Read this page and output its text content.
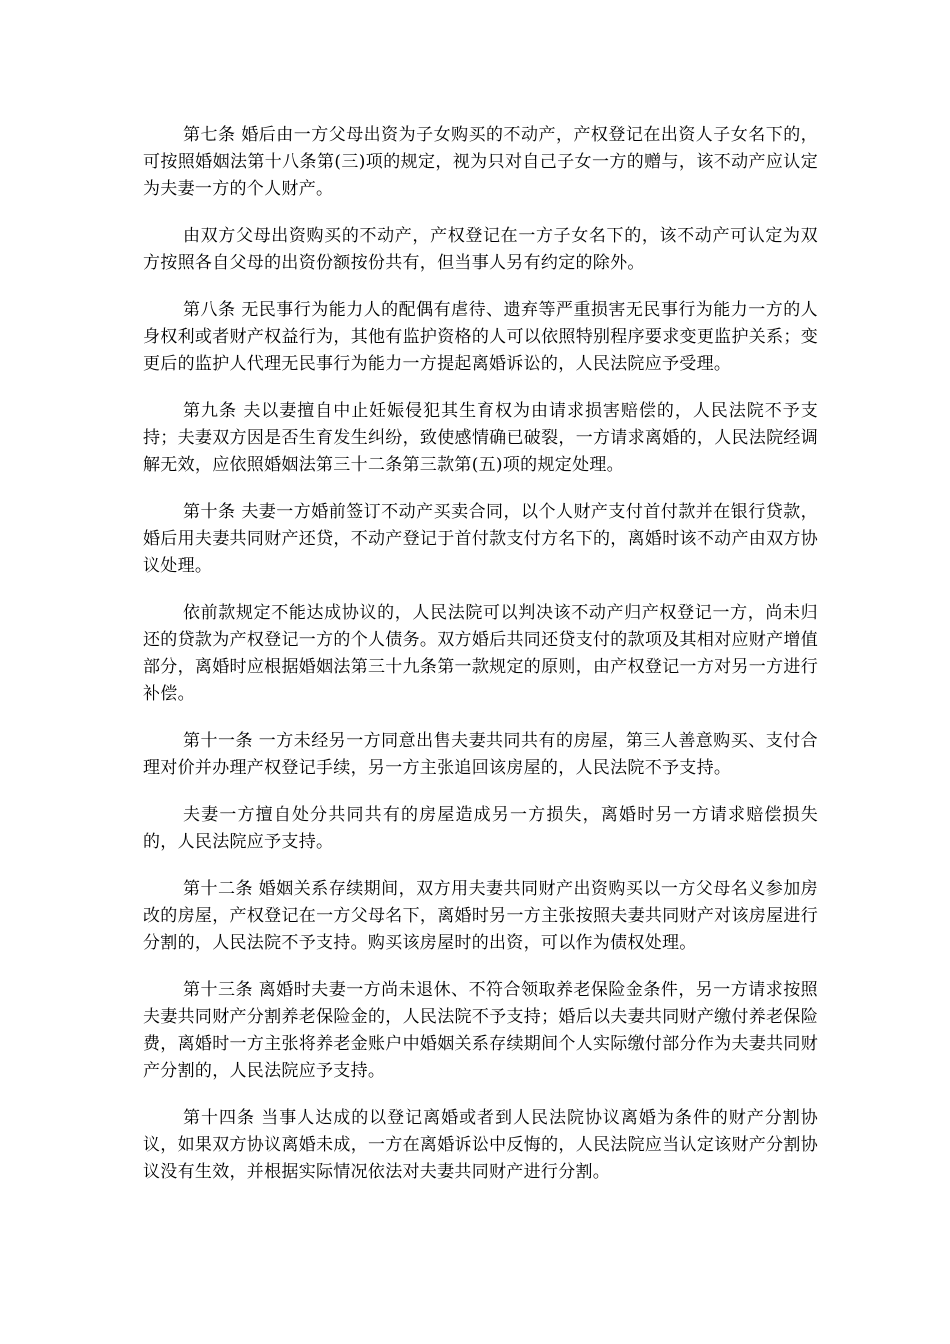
第七条 婚后由一方父母出资为子女购买的不动产，产权登记在出资人子女名下的，可按照婚姻法第十八条第(三)项的规定，视为只对自己子女一方的赠与，该不动产应认定为夫妻一方的个人财产。

由双方父母出资购买的不动产，产权登记在一方子女名下的，该不动产可认定为双方按照各自父母的出资份额按份共有，但当事人另有约定的除外。

第八条 无民事行为能力人的配偶有虐待、遗弃等严重损害无民事行为能力一方的人身权利或者财产权益行为，其他有监护资格的人可以依照特别程序要求变更监护关系；变更后的监护人代理无民事行为能力一方提起离婚诉讼的，人民法院应予受理。

第九条 夫以妻擅自中止妊娠侵犯其生育权为由请求损害赔偿的，人民法院不予支持；夫妻双方因是否生育发生纠纷，致使感情确已破裂，一方请求离婚的，人民法院经调解无效，应依照婚姻法第三十二条第三款第(五)项的规定处理。

第十条 夫妻一方婚前签订不动产买卖合同，以个人财产支付首付款并在银行贷款，婚后用夫妻共同财产还贷，不动产登记于首付款支付方名下的，离婚时该不动产由双方协议处理。

依前款规定不能达成协议的，人民法院可以判决该不动产归产权登记一方，尚未归还的贷款为产权登记一方的个人债务。双方婚后共同还贷支付的款项及其相对应财产增值部分，离婚时应根据婚姻法第三十九条第一款规定的原则，由产权登记一方对另一方进行补偿。

第十一条 一方未经另一方同意出售夫妻共同共有的房屋，第三人善意购买、支付合理对价并办理产权登记手续，另一方主张追回该房屋的，人民法院不予支持。

夫妻一方擅自处分共同共有的房屋造成另一方损失，离婚时另一方请求赔偿损失的，人民法院应予支持。

第十二条 婚姻关系存续期间，双方用夫妻共同财产出资购买以一方父母名义参加房改的房屋，产权登记在一方父母名下，离婚时另一方主张按照夫妻共同财产对该房屋进行分割的，人民法院不予支持。购买该房屋时的出资，可以作为债权处理。

第十三条 离婚时夫妻一方尚未退休、不符合领取养老保险金条件，另一方请求按照夫妻共同财产分割养老保险金的，人民法院不予支持；婚后以夫妻共同财产缴付养老保险费，离婚时一方主张将养老金账户中婚姻关系存续期间个人实际缴付部分作为夫妻共同财产分割的，人民法院应予支持。

第十四条 当事人达成的以登记离婚或者到人民法院协议离婚为条件的财产分割协议，如果双方协议离婚未成，一方在离婚诉讼中反悔的，人民法院应当认定该财产分割协议没有生效，并根据实际情况依法对夫妻共同财产进行分割。
